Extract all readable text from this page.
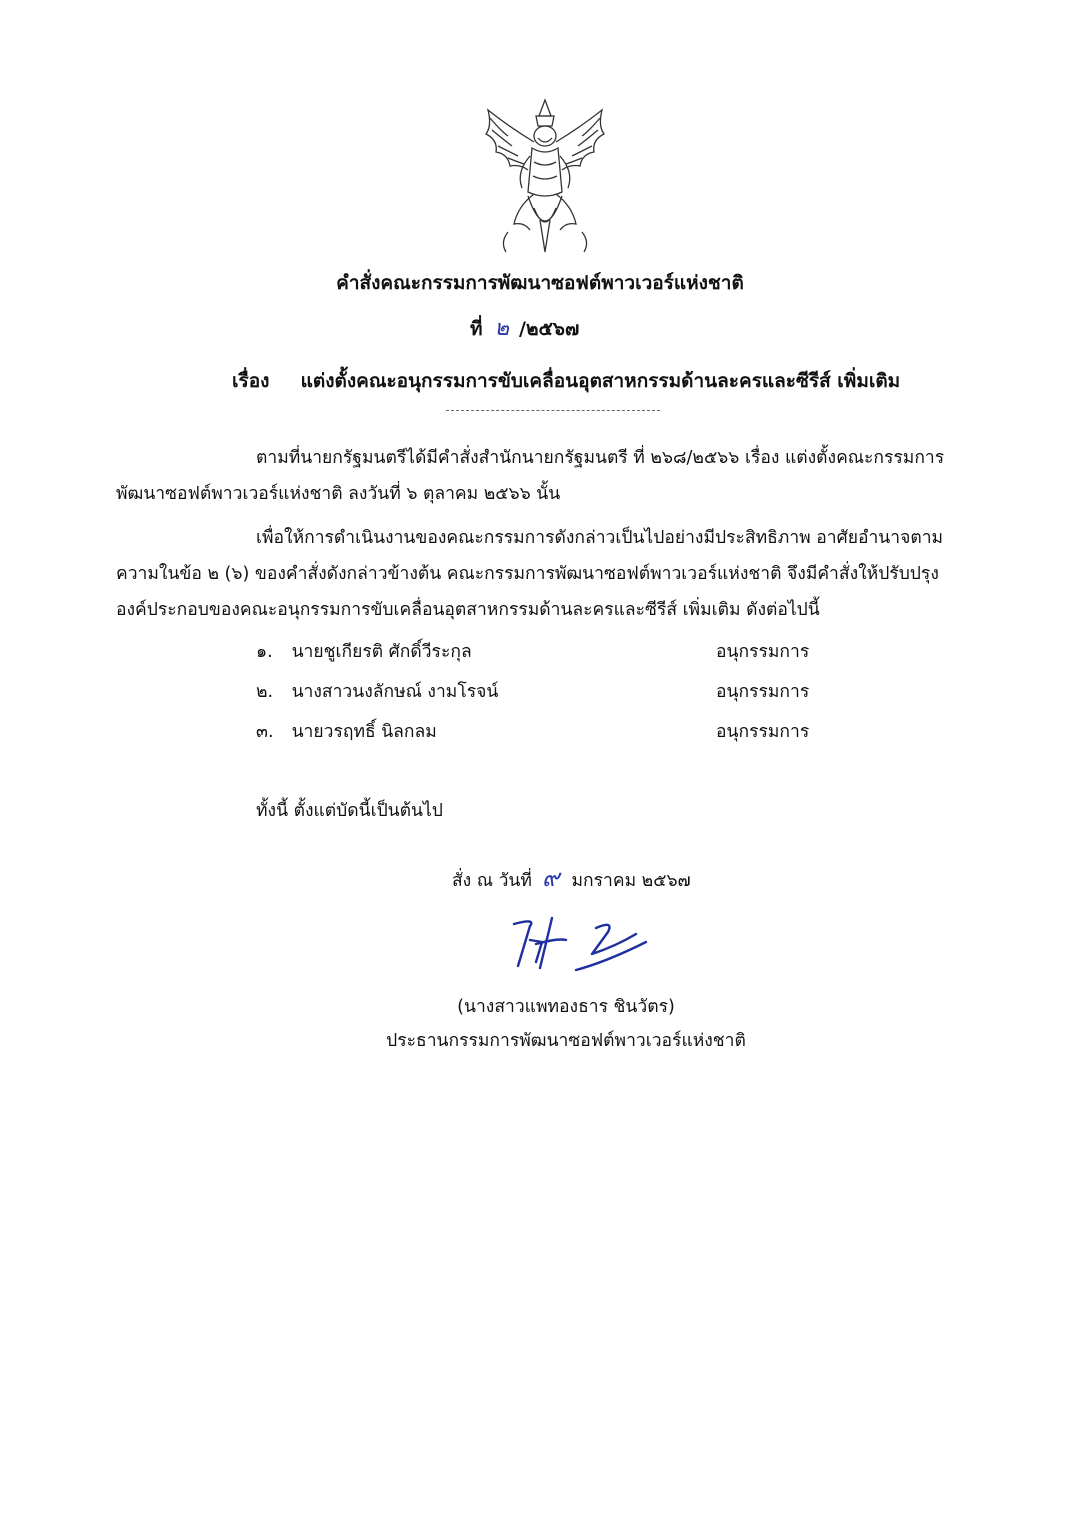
คำสั่งคณะกรรมการพัฒนาซอฟต์พาวเวอร์แห่งชาติ
ที่ ๒ /๒๕๖๗
เรื่อง แต่งตั้งคณะอนุกรรมการขับเคลื่อนอุตสาหกรรมด้านละครและซีรีส์ เพิ่มเติม
ตามที่นายกรัฐมนตรีได้มีคำสั่งสำนักนายกรัฐมนตรี ที่ ๒๖๘/๒๕๖๖ เรื่อง แต่งตั้งคณะกรรมการ
พัฒนาซอฟต์พาวเวอร์แห่งชาติ ลงวันที่ ๖ ตุลาคม ๒๕๖๖ นั้น
เพื่อให้การดำเนินงานของคณะกรรมการดังกล่าวเป็นไปอย่างมีประสิทธิภาพ อาศัยอำนาจตาม
ความในข้อ ๒ (๖) ของคำสั่งดังกล่าวข้างต้น คณะกรรมการพัฒนาซอฟต์พาวเวอร์แห่งชาติ จึงมีคำสั่งให้ปรับปรุง
องค์ประกอบของคณะอนุกรรมการขับเคลื่อนอุตสาหกรรมด้านละครและซีรีส์ เพิ่มเติม ดังต่อไปนี้
๑. นายชูเกียรติ ศักดิ์วีระกุล	อนุกรรมการ
๒. นางสาวนงลักษณ์ งามโรจน์	อนุกรรมการ
๓. นายวรฤทธิ์ นิลกลม	อนุกรรมการ
ทั้งนี้ ตั้งแต่บัดนี้เป็นต้นไป
สั่ง ณ วันที่ ๙ มกราคม ๒๕๖๗
(นางสาวแพทองธาร ชินวัตร)
ประธานกรรมการพัฒนาซอฟต์พาวเวอร์แห่งชาติ
